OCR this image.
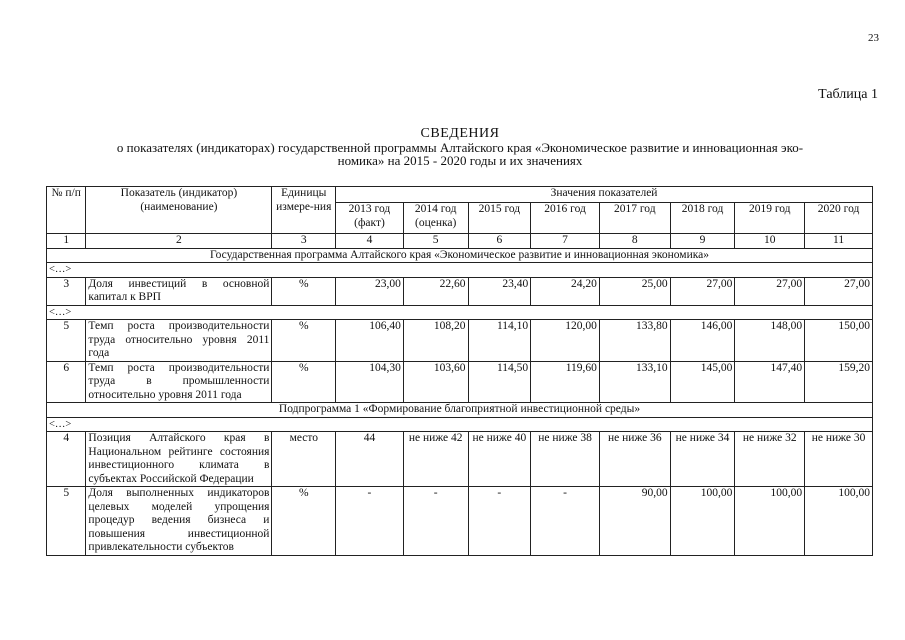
23
Таблица 1
СВЕДЕНИЯ
о показателях (индикаторах) государственной программы Алтайского края «Экономическое развитие и инновационная эко-
номика» на 2015 - 2020 годы и их значениях
№ п/п	Показатель (индикатор) (наименование)	Единицы измере-ния	Значения показателей							
			2013 год (факт)	2014 год (оценка)	2015 год	2016 год	2017 год	2018 год	2019 год	2020 год
1	2	3	4	5	6	7	8	9	10	11
Государственная программа Алтайского края «Экономическое развитие и инновационная экономика»										
<…>										
3	Доля инвестиций в основной капитал к ВРП	%	23,00	22,60	23,40	24,20	25,00	27,00	27,00	27,00
<…>										
5	Темп роста производительности труда относительно уровня 2011 года	%	106,40	108,20	114,10	120,00	133,80	146,00	148,00	150,00
6	Темп роста производительности труда в промышленности относительно уровня 2011 года	%	104,30	103,60	114,50	119,60	133,10	145,00	147,40	159,20
Подпрограмма 1 «Формирование благоприятной инвестиционной среды»										
<…>										
4	Позиция Алтайского края в Национальном рейтинге состояния инвестиционного климата в субъектах Российской Федерации	место	44	не ниже 42	не ниже 40	не ниже 38	не ниже 36	не ниже 34	не ниже 32	не ниже 30
5	Доля выполненных индикаторов целевых моделей упрощения процедур ведения бизнеса и повышения инвестиционной привлекательности субъектов	%	-	-	-	-	90,00	100,00	100,00	100,00
